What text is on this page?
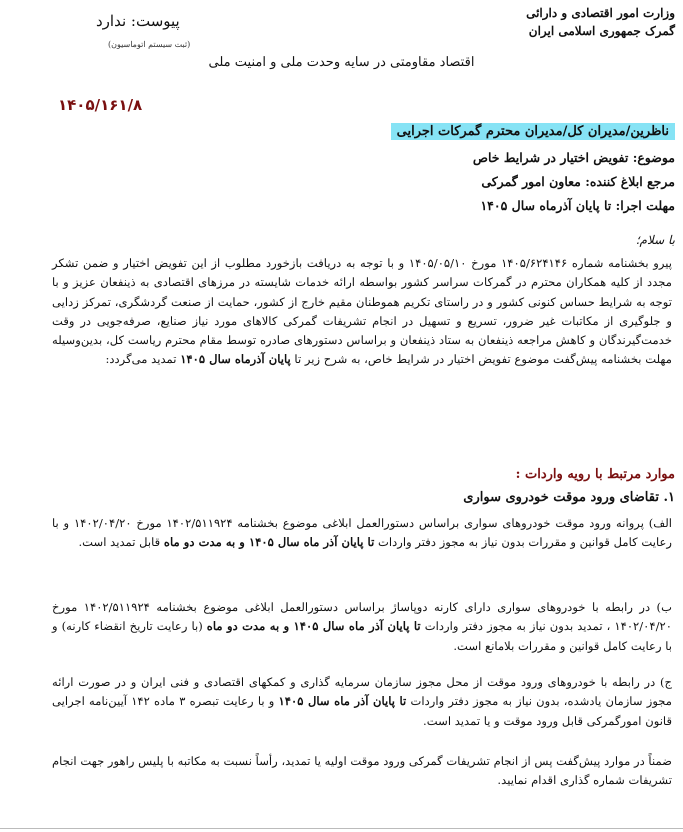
وزارت امور اقتصادی و دارائی
گمرک جمهوری اسلامی ایران
پیوست: ندارد
(ثبت سیستم اتوماسیون)
اقتصاد مقاومتی در سایه وحدت ملی و امنیت ملی
۱۴۰۵/۱۶۱/۸
ناظرین/مدیران کل/مدیران محترم گمرکات اجرایی
موضوع: تفویض اختیار در شرایط خاص
مرجع ابلاغ کننده: معاون امور گمرکی
مهلت اجرا: تا پایان آذرماه سال ۱۴۰۵
با سلام؛
پیرو بخشنامه شماره ۱۴۰۵/۶۲۴۱۴۶ مورخ ۱۴۰۵/۰۵/۱۰ و با توجه به دریافت بازخورد مطلوب از این تفویض اختیار و ضمن تشکر مجدد از کلیه همکاران محترم در گمرکات سراسر کشور بواسطه ارائه خدمات شایسته در مرزهای اقتصادی به ذینفعان عزیز و با توجه به شرایط حساس کنونی کشور و در راستای تکریم هموطنان مقیم خارج از کشور، حمایت از صنعت گردشگری، تمرکز زدایی و جلوگیری از مکاتبات غیر ضرور، تسریع و تسهیل در انجام تشریفات گمرکی کالاهای مورد نیاز صنایع، صرفه‌جویی در وقت خدمت‌گیرندگان و کاهش مراجعه ذینفعان به ستاد ذینفعان و براساس دستورهای صادره توسط مقام محترم ریاست کل، بدین‌وسیله مهلت بخشنامه پیش‌گفت موضوع تفویض اختیار در شرایط خاص، به شرح زیر تا پایان آذرماه سال ۱۴۰۵ تمدید می‌گردد:
موارد مرتبط با رویه واردات :
۱. تقاضای ورود موقت خودروی سواری
الف) پروانه ورود موقت خودروهای سواری براساس دستورالعمل ابلاغی موضوع بخشنامه ۱۴۰۲/۵۱۱۹۲۴ مورخ ۱۴۰۲/۰۴/۲۰ و با رعایت کامل قوانین و مقررات بدون نیاز به مجوز دفتر واردات تا پایان آذر ماه سال ۱۴۰۵ و به مدت دو ماه قابل تمدید است.
ب) در رابطه با خودروهای سواری دارای کارنه دوپاساژ براساس دستورالعمل ابلاغی موضوع بخشنامه ۱۴۰۲/۵۱۱۹۲۴ مورخ ۱۴۰۲/۰۴/۲۰ ، تمدید بدون نیاز به مجوز دفتر واردات تا پایان آذر ماه سال ۱۴۰۵ و به مدت دو ماه (با رعایت تاریخ انقضاء کارنه) و با رعایت کامل قوانین و مقررات بلامانع است.
ج) در رابطه با خودروهای ورود موقت از محل مجوز سازمان سرمایه گذاری و کمکهای اقتصادی و فنی ایران و در صورت ارائه مجوز سازمان یادشده، بدون نیاز به مجوز دفتر واردات تا پایان آذر ماه سال ۱۴۰۵ و با رعایت تبصره ۳ ماده ۱۴۲ آیین‌نامه اجرایی قانون امورگمرکی قابل ورود موقت و یا تمدید است.
ضمناً در موارد پیش‌گفت پس از انجام تشریفات گمرکی ورود موقت اولیه یا تمدید، رأساً نسبت به مکاتبه با پلیس راهور جهت انجام تشریفات شماره گذاری اقدام نمایید.
